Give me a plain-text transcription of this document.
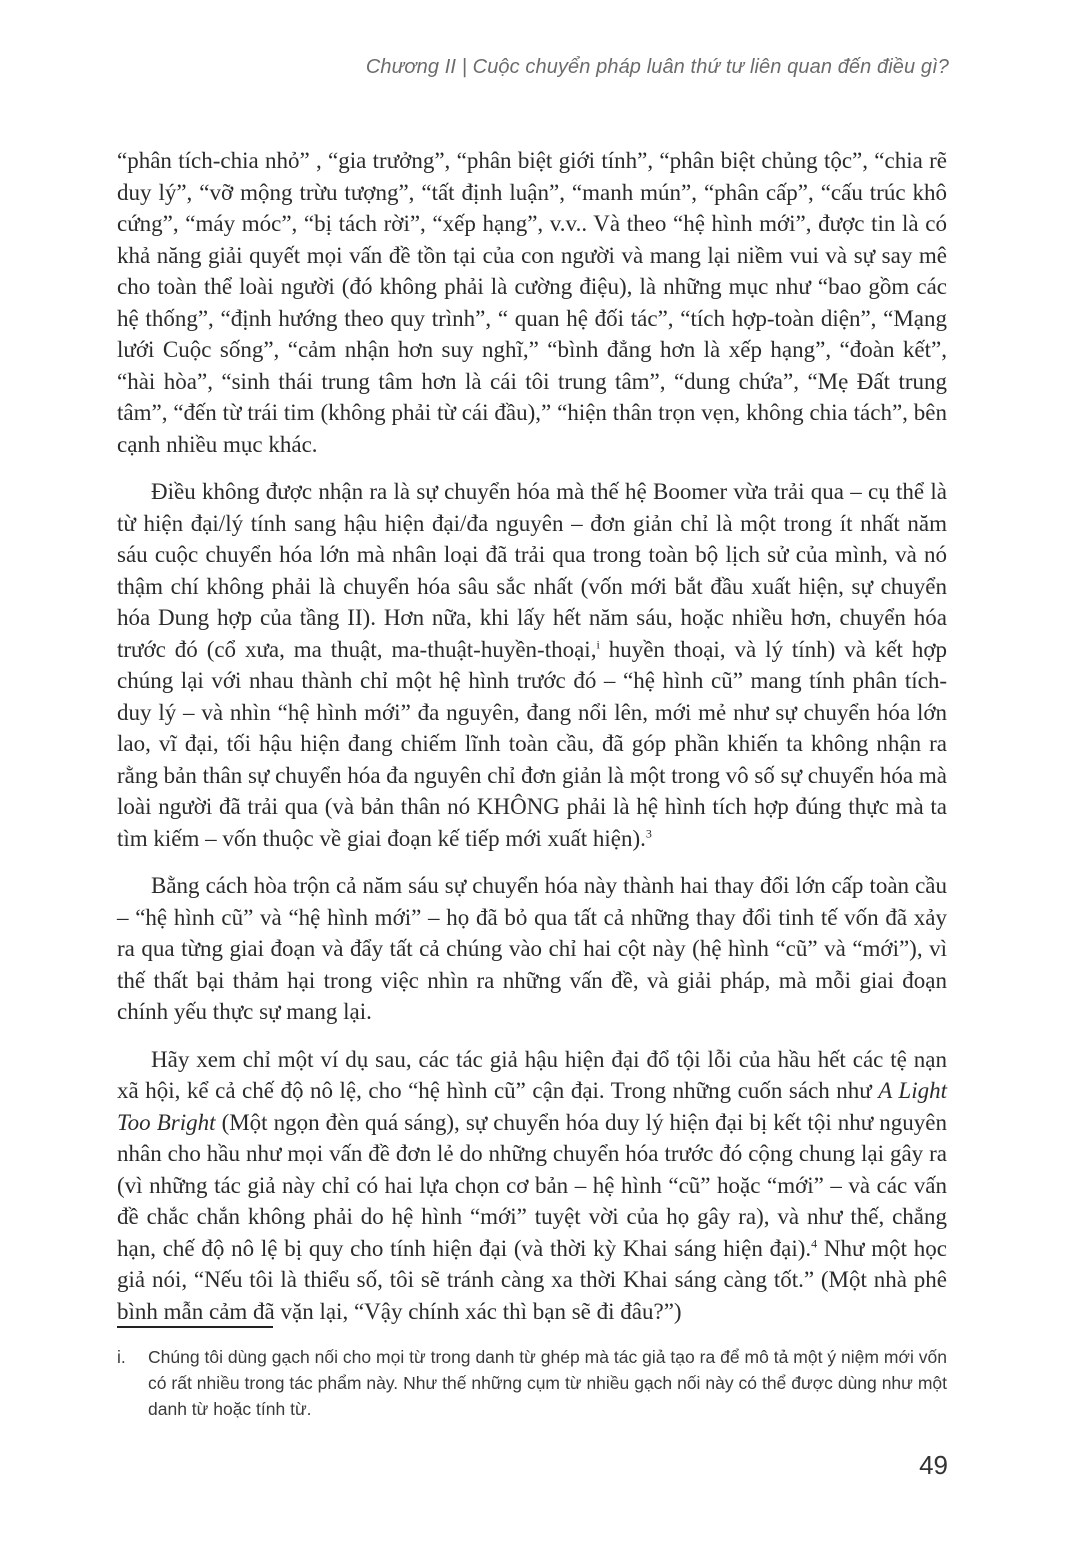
Chương II | Cuộc chuyển pháp luân thứ tư liên quan đến điều gì?

“phân tích-chia nhỏ” , “gia trưởng”, “phân biệt giới tính”, “phân biệt chủng tộc”, “chia rẽ duy lý”, “vỡ mộng trừu tượng”, “tất định luận”, “manh mún”, “phân cấp”, “cấu trúc khô cứng”, “máy móc”, “bị tách rời”, “xếp hạng”, v.v.. Và theo “hệ hình mới”, được tin là có khả năng giải quyết mọi vấn đề tồn tại của con người và mang lại niềm vui và sự say mê cho toàn thể loài người (đó không phải là cường điệu), là những mục như “bao gồm các hệ thống”, “định hướng theo quy trình”, “ quan hệ đối tác”, “tích hợp-toàn diện”, “Mạng lưới Cuộc sống”, “cảm nhận hơn suy nghĩ,” “bình đẳng hơn là xếp hạng”, “đoàn kết”, “hài hòa”, “sinh thái trung tâm hơn là cái tôi trung tâm”, “dung chứa”, “Mẹ Đất trung tâm”, “đến từ trái tim (không phải từ cái đầu),” “hiện thân trọn vẹn, không chia tách”, bên cạnh nhiều mục khác.

Điều không được nhận ra là sự chuyển hóa mà thế hệ Boomer vừa trải qua – cụ thể là từ hiện đại/lý tính sang hậu hiện đại/đa nguyên – đơn giản chỉ là một trong ít nhất năm sáu cuộc chuyển hóa lớn mà nhân loại đã trải qua trong toàn bộ lịch sử của mình, và nó thậm chí không phải là chuyển hóa sâu sắc nhất (vốn mới bắt đầu xuất hiện, sự chuyển hóa Dung hợp của tầng II). Hơn nữa, khi lấy hết năm sáu, hoặc nhiều hơn, chuyển hóa trước đó (cổ xưa, ma thuật, ma-thuật-huyền-thoại,$^i$ huyền thoại, và lý tính) và kết hợp chúng lại với nhau thành chỉ một hệ hình trước đó – “hệ hình cũ” mang tính phân tích-duy lý – và nhìn “hệ hình mới” đa nguyên, đang nổi lên, mới mẻ như sự chuyển hóa lớn lao, vĩ đại, tối hậu hiện đang chiếm lĩnh toàn cầu, đã góp phần khiến ta không nhận ra rằng bản thân sự chuyển hóa đa nguyên chỉ đơn giản là một trong vô số sự chuyển hóa mà loài người đã trải qua (và bản thân nó KHÔNG phải là hệ hình tích hợp đúng thực mà ta tìm kiếm – vốn thuộc về giai đoạn kế tiếp mới xuất hiện).$^3$

Bằng cách hòa trộn cả năm sáu sự chuyển hóa này thành hai thay đổi lớn cấp toàn cầu – “hệ hình cũ” và “hệ hình mới” – họ đã bỏ qua tất cả những thay đổi tinh tế vốn đã xảy ra qua từng giai đoạn và đẩy tất cả chúng vào chỉ hai cột này (hệ hình “cũ” và “mới”), vì thế thất bại thảm hại trong việc nhìn ra những vấn đề, và giải pháp, mà mỗi giai đoạn chính yếu thực sự mang lại.

Hãy xem chỉ một ví dụ sau, các tác giả hậu hiện đại đổ tội lỗi của hầu hết các tệ nạn xã hội, kể cả chế độ nô lệ, cho “hệ hình cũ” cận đại. Trong những cuốn sách như A Light Too Bright (Một ngọn đèn quá sáng), sự chuyển hóa duy lý hiện đại bị kết tội như nguyên nhân cho hầu như mọi vấn đề đơn lẻ do những chuyển hóa trước đó cộng chung lại gây ra (vì những tác giả này chỉ có hai lựa chọn cơ bản – hệ hình “cũ” hoặc “mới” – và các vấn đề chắc chắn không phải do hệ hình “mới” tuyệt vời của họ gây ra), và như thế, chẳng hạn, chế độ nô lệ bị quy cho tính hiện đại (và thời kỳ Khai sáng hiện đại).$^4$ Như một học giả nói, “Nếu tôi là thiểu số, tôi sẽ tránh càng xa thời Khai sáng càng tốt.” (Một nhà phê bình mẫn cảm đã vặn lại, “Vậy chính xác thì bạn sẽ đi đâu?”)

i.	Chúng tôi dùng gạch nối cho mọi từ trong danh từ ghép mà tác giả tạo ra để mô tả một ý niệm mới vốn có rất nhiều trong tác phẩm này. Như thế những cụm từ nhiều gạch nối này có thể được dùng như một danh từ hoặc tính từ.
49
